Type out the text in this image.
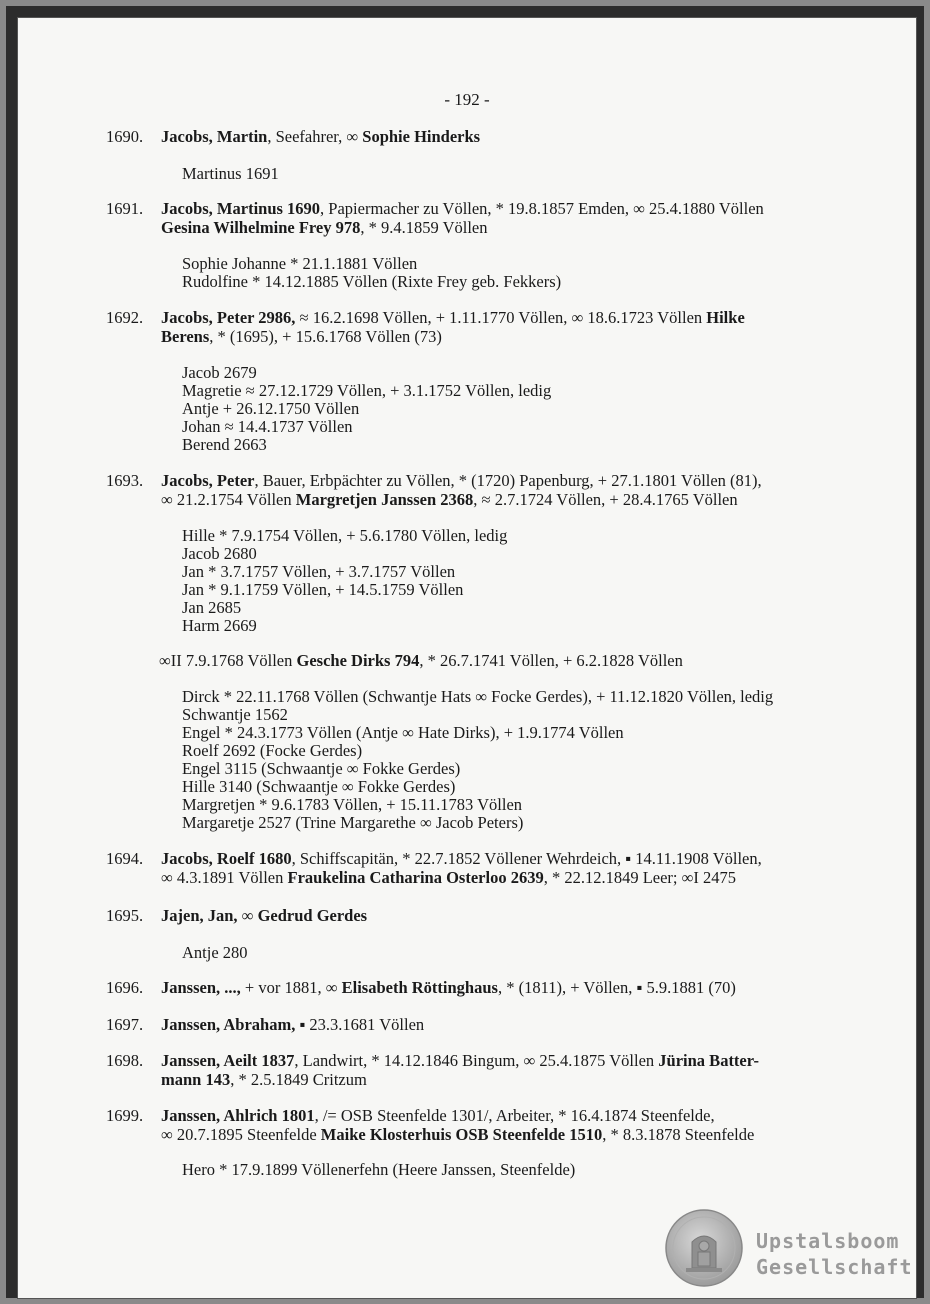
- 192 -
1690.	Jacobs, Martin, Seefahrer, ∞ Sophie Hinderks
Martinus 1691
1691.	Jacobs, Martinus 1690, Papiermacher zu Völlen, * 19.8.1857 Emden, ∞ 25.4.1880 Völlen
Gesina Wilhelmine Frey 978, * 9.4.1859 Völlen
Sophie Johanne * 21.1.1881 Völlen
Rudolfine * 14.12.1885 Völlen (Rixte Frey geb. Fekkers)
1692.	Jacobs, Peter 2986, ≈ 16.2.1698 Völlen, + 1.11.1770 Völlen, ∞ 18.6.1723 Völlen Hilke
Berens, * (1695), + 15.6.1768 Völlen (73)
Jacob 2679
Magretie ≈ 27.12.1729 Völlen, + 3.1.1752 Völlen, ledig
Antje + 26.12.1750 Völlen
Johan ≈ 14.4.1737 Völlen
Berend 2663
1693.	Jacobs, Peter, Bauer, Erbpächter zu Völlen, * (1720) Papenburg, + 27.1.1801 Völlen (81),
∞ 21.2.1754 Völlen Margretjen Janssen 2368, ≈ 2.7.1724 Völlen, + 28.4.1765 Völlen
Hille * 7.9.1754 Völlen, + 5.6.1780 Völlen, ledig
Jacob 2680
Jan * 3.7.1757 Völlen, + 3.7.1757 Völlen
Jan * 9.1.1759 Völlen, + 14.5.1759 Völlen
Jan 2685
Harm 2669
∞II 7.9.1768 Völlen Gesche Dirks 794, * 26.7.1741 Völlen, + 6.2.1828 Völlen
Dirck * 22.11.1768 Völlen (Schwantje Hats ∞ Focke Gerdes), + 11.12.1820 Völlen, ledig
Schwantje 1562
Engel * 24.3.1773 Völlen (Antje ∞ Hate Dirks), + 1.9.1774 Völlen
Roelf 2692 (Focke Gerdes)
Engel 3115 (Schwaantje ∞ Fokke Gerdes)
Hille 3140 (Schwaantje ∞ Fokke Gerdes)
Margretjen * 9.6.1783 Völlen, + 15.11.1783 Völlen
Margaretje 2527 (Trine Margarethe ∞ Jacob Peters)
1694.	Jacobs, Roelf 1680, Schiffscapitän, * 22.7.1852 Völlener Wehrdeich, ▪ 14.11.1908 Völlen,
∞ 4.3.1891 Völlen Fraukelina Catharina Osterloo 2639, * 22.12.1849 Leer; ∞I 2475
1695.	Jajen, Jan, ∞ Gedrud Gerdes
Antje 280
1696.	Janssen, ..., + vor 1881, ∞ Elisabeth Röttinghaus, * (1811), + Völlen, ▪ 5.9.1881 (70)
1697.	Janssen, Abraham, ▪ 23.3.1681 Völlen
1698.	Janssen, Aeilt 1837, Landwirt, * 14.12.1846 Bingum, ∞ 25.4.1875 Völlen Jürina Batter-
mann 143, * 2.5.1849 Critzum
1699.	Janssen, Ahlrich 1801, /= OSB Steenfelde 1301/, Arbeiter, * 16.4.1874 Steenfelde,
∞ 20.7.1895 Steenfelde Maike Klosterhuis OSB Steenfelde 1510, * 8.3.1878 Steenfelde
Hero * 17.9.1899 Völlenerfehn (Heere Janssen, Steenfelde)
Upstalsboom
Gesellschaft
